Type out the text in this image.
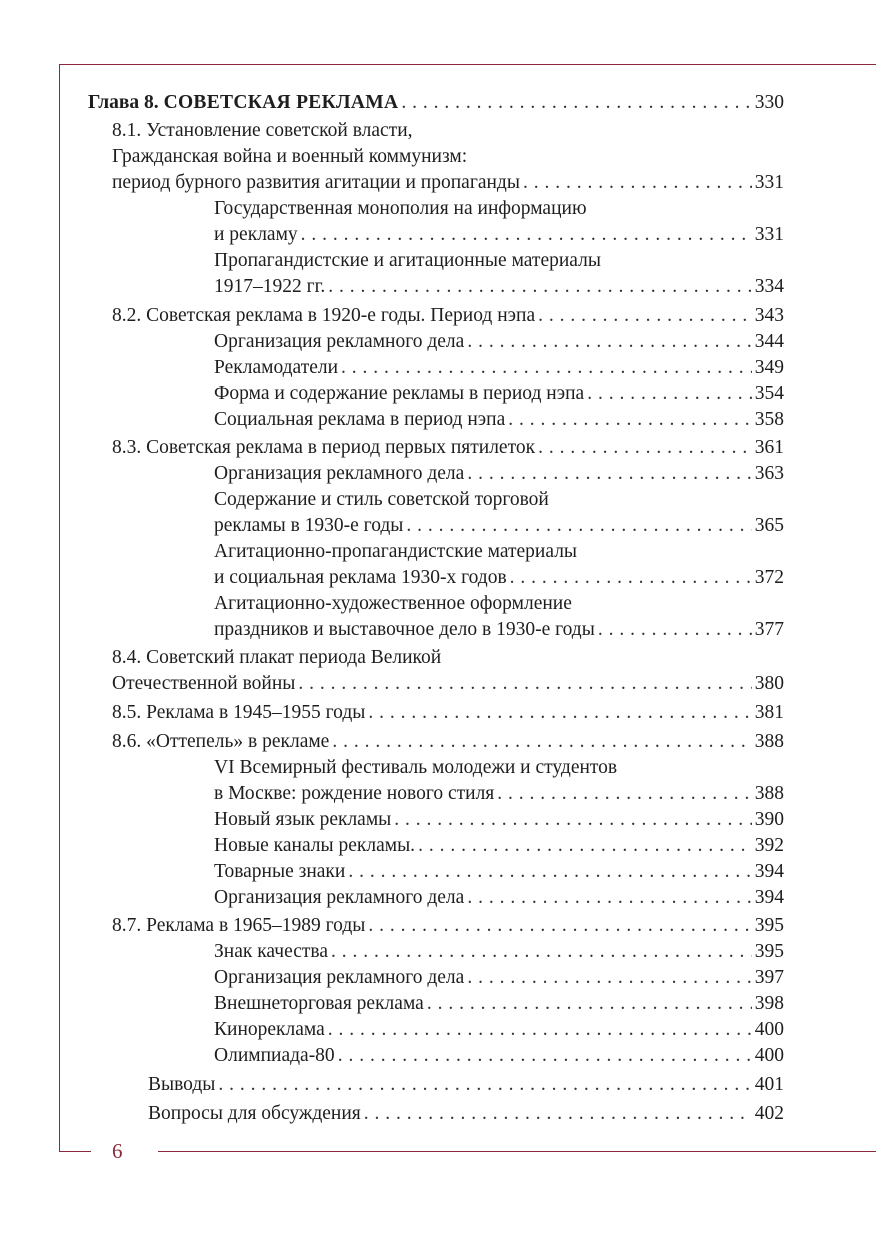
6
Глава 8. СОВЕТСКАЯ РЕКЛАМА . . .	330
8.1. Установление советской власти,
Гражданская война и военный коммунизм:
период бурного развития агитации и пропаганды . . .	331
Государственная монополия на информацию
и рекламу . . .	331
Пропагандистские и агитационные материалы
1917–1922 гг. . . .	334
8.2. Советская реклама в 1920-е годы. Период нэпа . . .	343
Организация рекламного дела . . .	344
Рекламодатели . . .	349
Форма и содержание рекламы в период нэпа . . .	354
Социальная реклама в период нэпа . . .	358
8.3. Советская реклама в период первых пятилеток . . .	361
Организация рекламного дела . . .	363
Содержание и стиль советской торговой
рекламы в 1930-е годы . . .	365
Агитационно-пропагандистские материалы
и социальная реклама 1930-х годов . . .	372
Агитационно-художественное оформление
праздников и выставочное дело в 1930-е годы . . .	377
8.4. Советский плакат периода Великой
Отечественной войны . . .	380
8.5. Реклама в 1945–1955 годы . . .	381
8.6. «Оттепель» в рекламе . . .	388
VI Всемирный фестиваль молодежи и студентов
в Москве: рождение нового стиля . . .	388
Новый язык рекламы . . .	390
Новые каналы рекламы. . . .	392
Товарные знаки . . .	394
Организация рекламного дела . . .	394
8.7. Реклама в 1965–1989 годы . . .	395
Знак качества . . .	395
Организация рекламного дела . . .	397
Внешнеторговая реклама . . .	398
Кинореклама . . .	400
Олимпиада-80 . . .	400
Выводы . . .	401
Вопросы для обсуждения . . .	402
